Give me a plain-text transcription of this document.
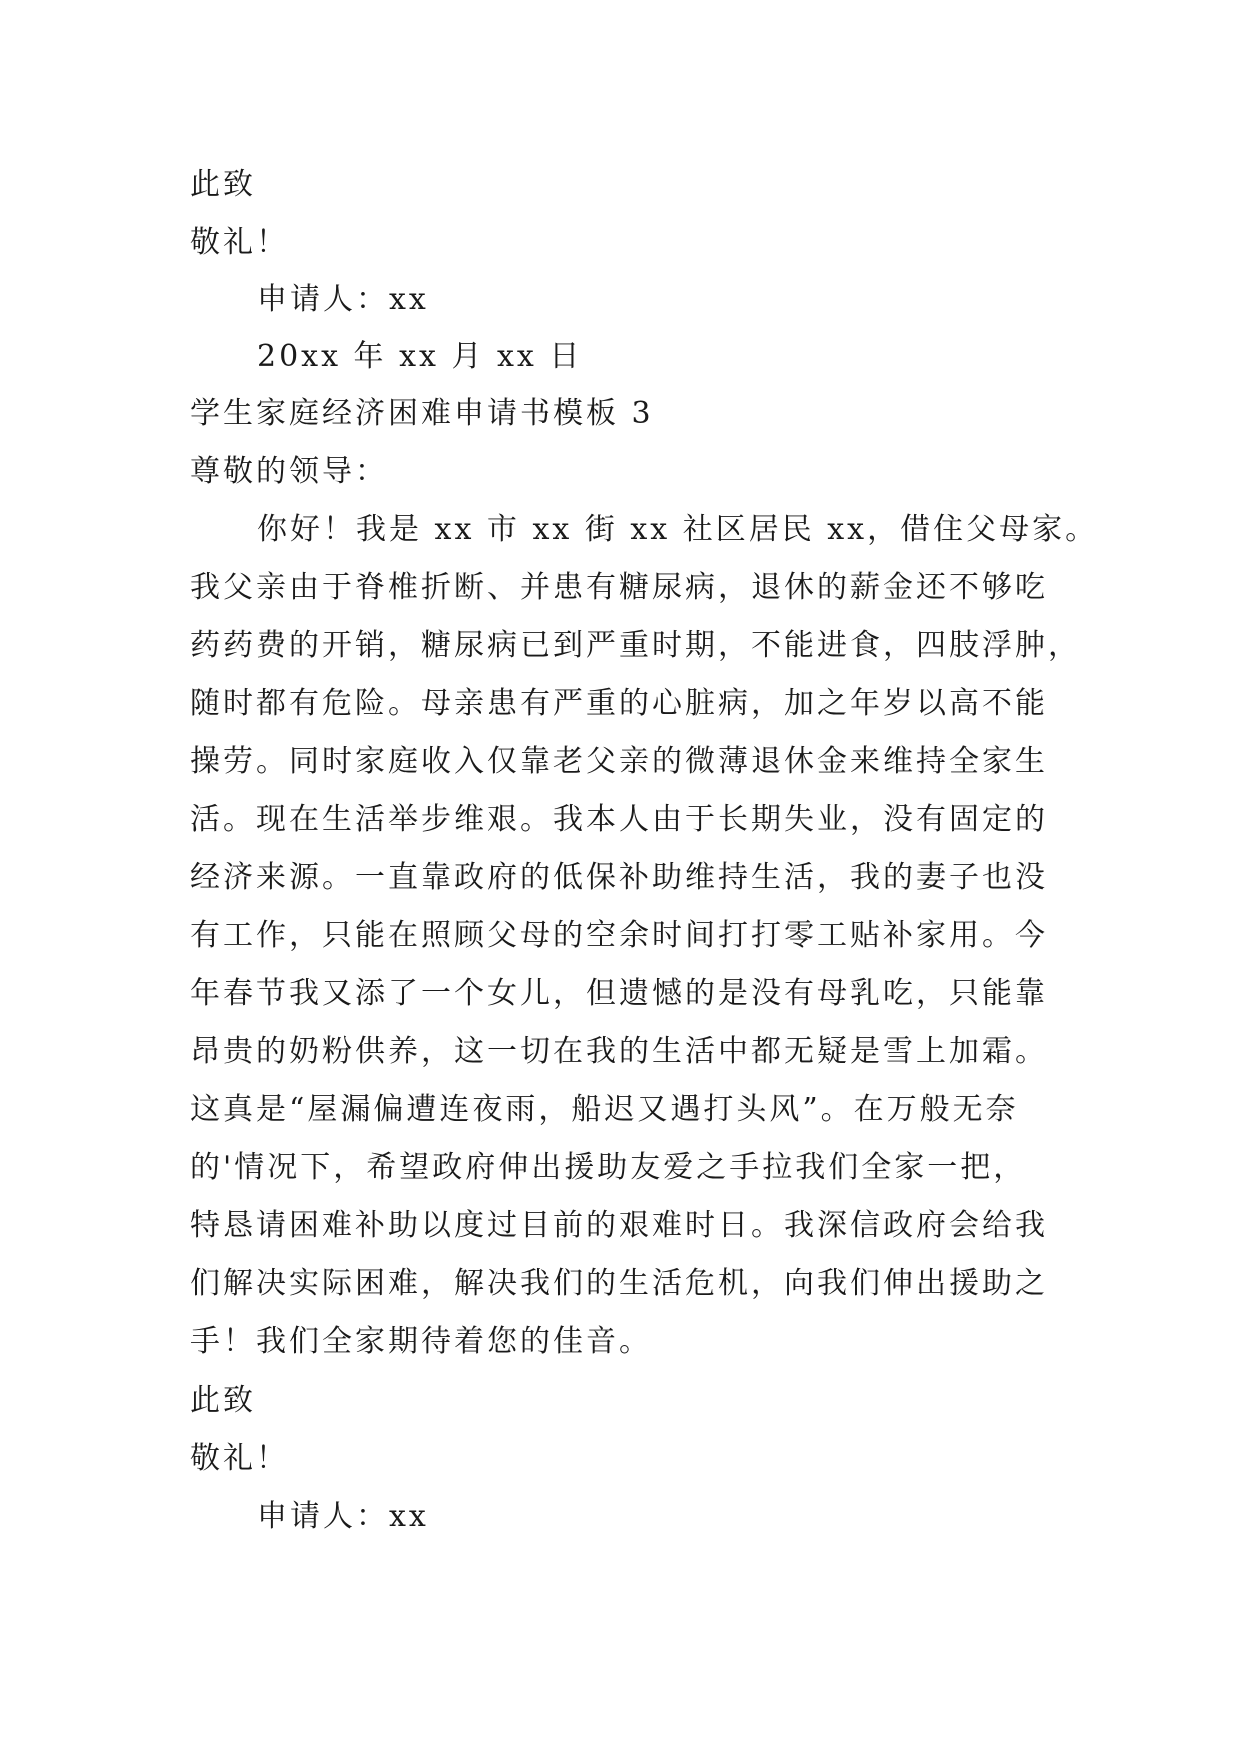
此致
敬礼！
申请人：xx
20xx 年 xx 月 xx 日
学生家庭经济困难申请书模板 3
尊敬的领导：
你好！我是 xx 市 xx 街 xx 社区居民 xx，借住父母家。
我父亲由于脊椎折断、并患有糖尿病，退休的薪金还不够吃
药药费的开销，糖尿病已到严重时期，不能进食，四肢浮肿，
随时都有危险。母亲患有严重的心脏病，加之年岁以高不能
操劳。同时家庭收入仅靠老父亲的微薄退休金来维持全家生
活。现在生活举步维艰。我本人由于长期失业，没有固定的
经济来源。一直靠政府的低保补助维持生活，我的妻子也没
有工作，只能在照顾父母的空余时间打打零工贴补家用。今
年春节我又添了一个女儿，但遗憾的是没有母乳吃，只能靠
昂贵的奶粉供养，这一切在我的生活中都无疑是雪上加霜。
这真是“屋漏偏遭连夜雨，船迟又遇打头风”。在万般无奈
的'情况下，希望政府伸出援助友爱之手拉我们全家一把，
特恳请困难补助以度过目前的艰难时日。我深信政府会给我
们解决实际困难，解决我们的生活危机，向我们伸出援助之
手！我们全家期待着您的佳音。
此致
敬礼！
申请人：xx
